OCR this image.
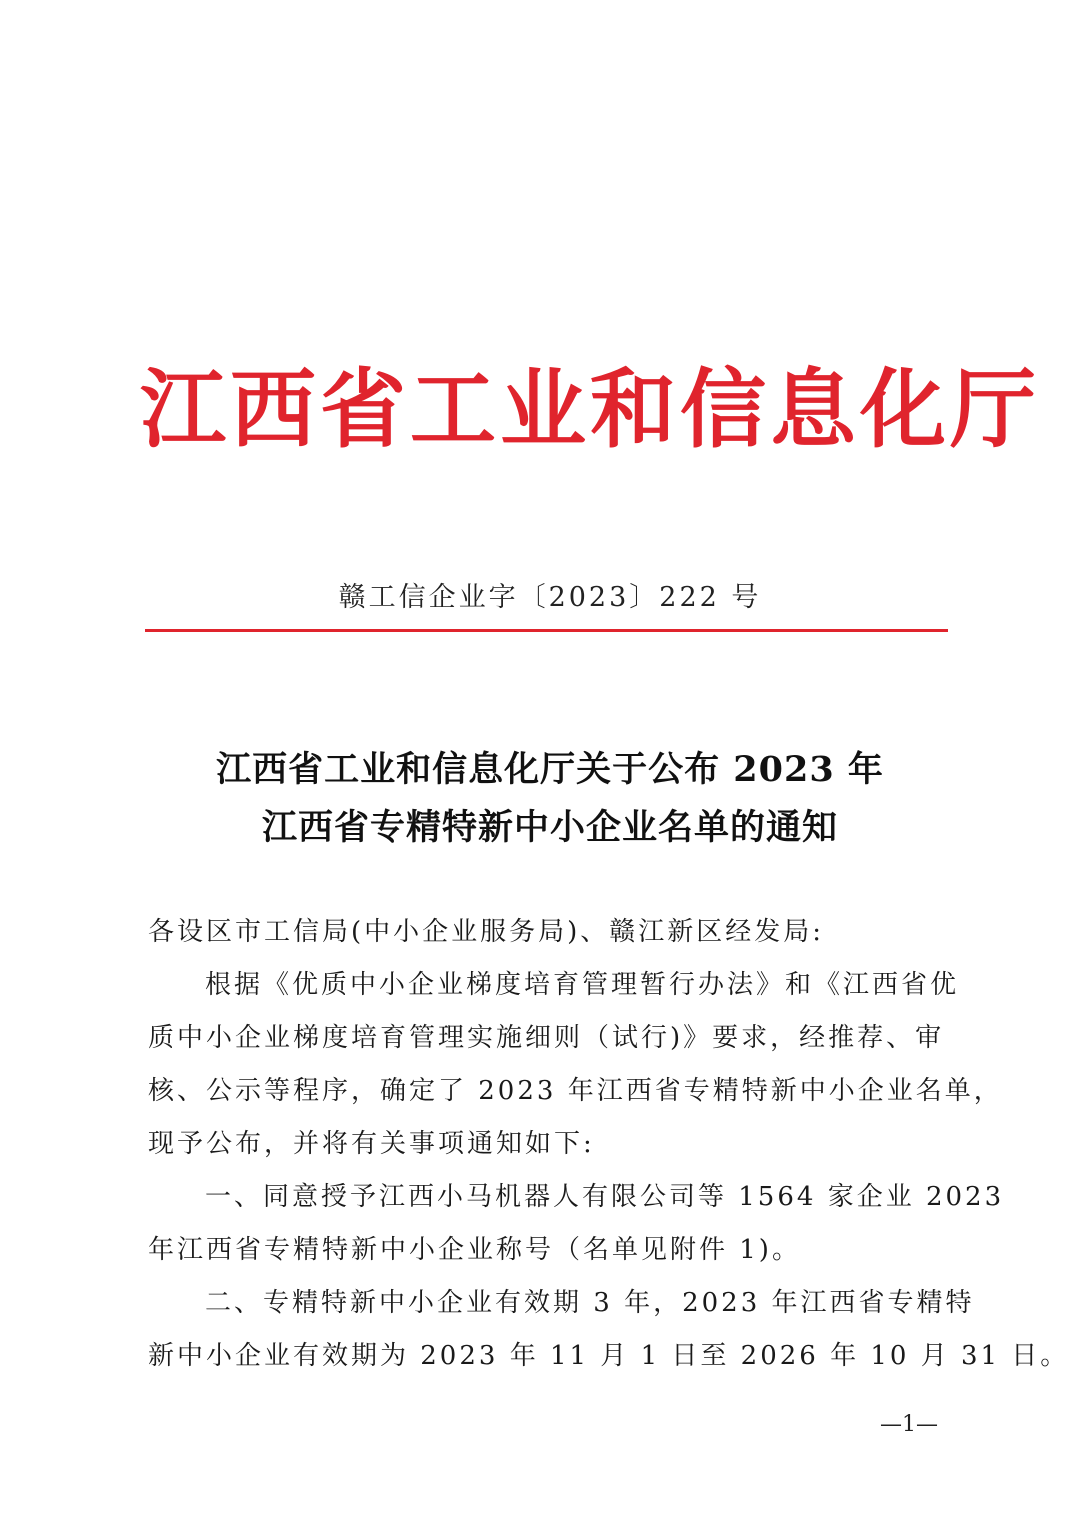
江西省工业和信息化厅
赣工信企业字〔2023〕222 号
江西省工业和信息化厅关于公布 2023 年
江西省专精特新中小企业名单的通知
各设区市工信局(中小企业服务局)、赣江新区经发局:
根据《优质中小企业梯度培育管理暂行办法》和《江西省优
质中小企业梯度培育管理实施细则（试行)》要求，经推荐、审
核、公示等程序，确定了 2023 年江西省专精特新中小企业名单，
现予公布，并将有关事项通知如下:
一、同意授予江西小马机器人有限公司等 1564 家企业 2023
年江西省专精特新中小企业称号（名单见附件 1)。
二、专精特新中小企业有效期 3 年，2023 年江西省专精特
新中小企业有效期为 2023 年 11 月 1 日至 2026 年 10 月 31 日。
—1—
